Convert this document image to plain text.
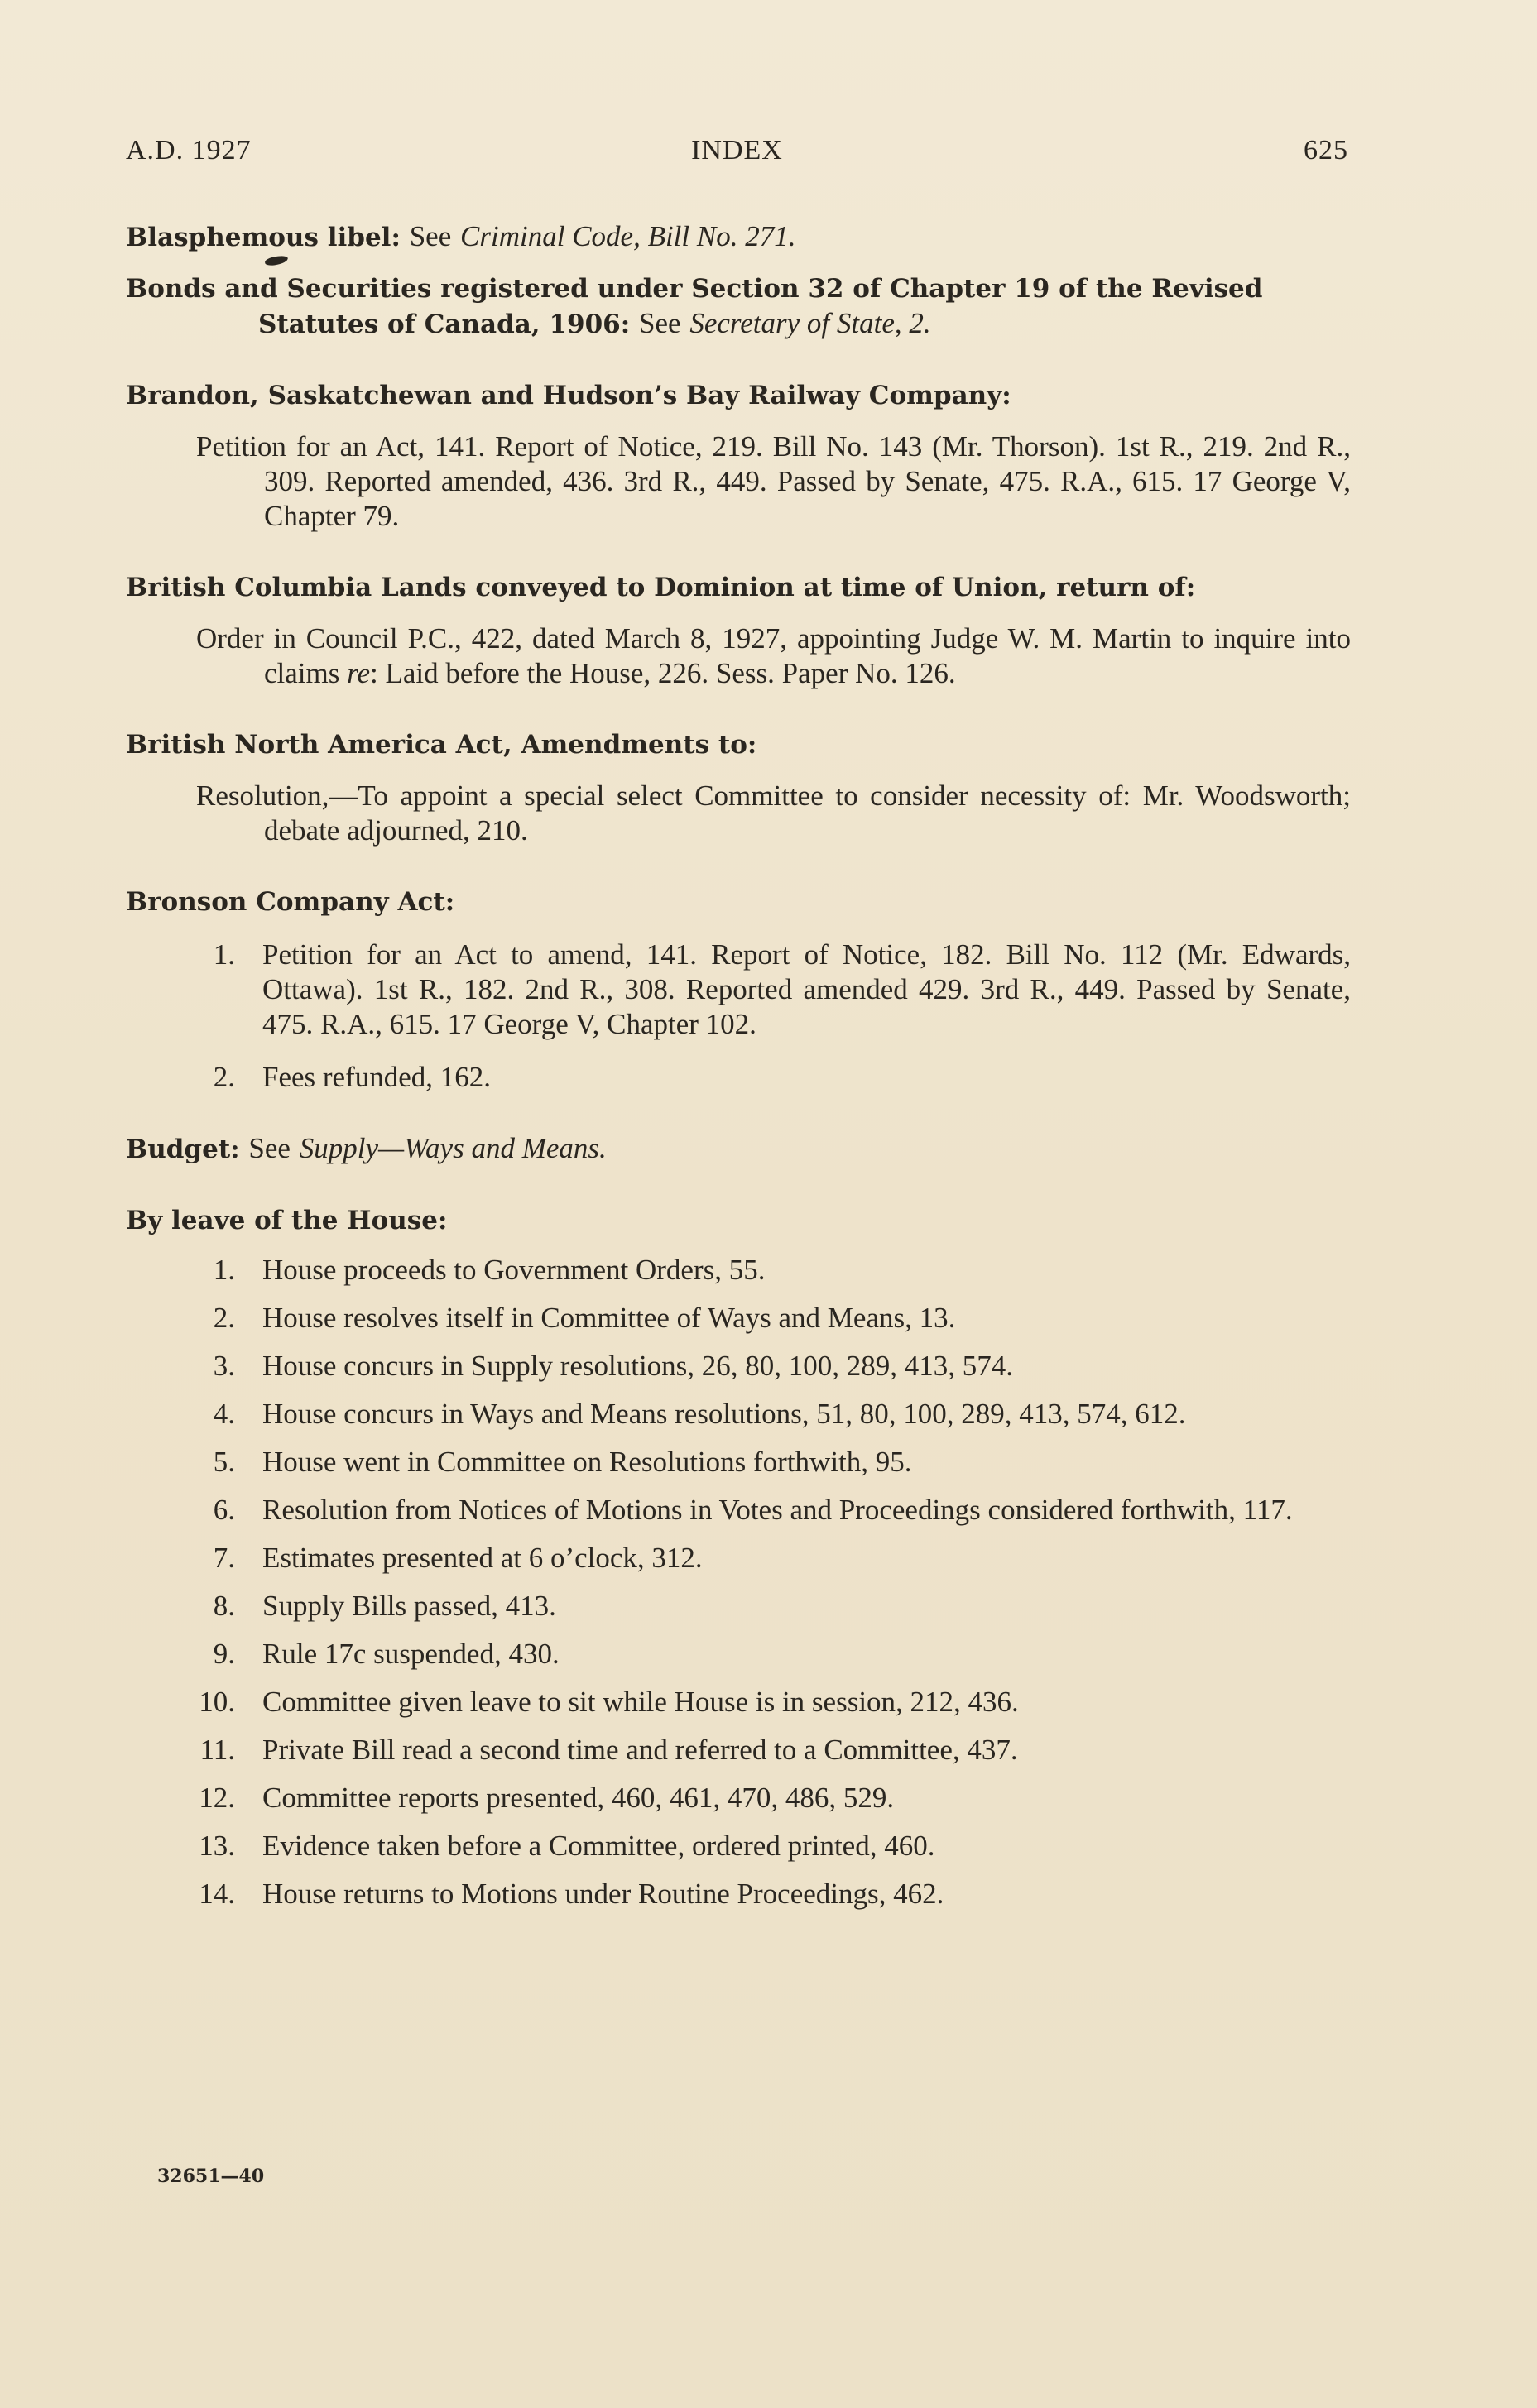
A.D. 1927	INDEX	625

Blasphemous libel: See Criminal Code, Bill No. 271.

Bonds and Securities registered under Section 32 of Chapter 19 of the Revised Statutes of Canada, 1906: See Secretary of State, 2.

Brandon, Saskatchewan and Hudson’s Bay Railway Company:

Petition for an Act, 141. Report of Notice, 219. Bill No. 143 (Mr. Thorson). 1st R., 219. 2nd R., 309. Reported amended, 436. 3rd R., 449. Passed by Senate, 475. R.A., 615. 17 George V, Chapter 79.

British Columbia Lands conveyed to Dominion at time of Union, return of:

Order in Council P.C., 422, dated March 8, 1927, appointing Judge W. M. Martin to inquire into claims re: Laid before the House, 226. Sess. Paper No. 126.

British North America Act, Amendments to:

Resolution,—To appoint a special select Committee to consider necessity of: Mr. Woodsworth; debate adjourned, 210.

Bronson Company Act:

1. Petition for an Act to amend, 141. Report of Notice, 182. Bill No. 112 (Mr. Edwards, Ottawa). 1st R., 182. 2nd R., 308. Reported amended 429. 3rd R., 449. Passed by Senate, 475. R.A., 615. 17 George V, Chapter 102.
2. Fees refunded, 162.

Budget: See Supply—Ways and Means.

By leave of the House:

1. House proceeds to Government Orders, 55.
2. House resolves itself in Committee of Ways and Means, 13.
3. House concurs in Supply resolutions, 26, 80, 100, 289, 413, 574.
4. House concurs in Ways and Means resolutions, 51, 80, 100, 289, 413, 574, 612.
5. House went in Committee on Resolutions forthwith, 95.
6. Resolution from Notices of Motions in Votes and Proceedings considered forthwith, 117.
7. Estimates presented at 6 o’clock, 312.
8. Supply Bills passed, 413.
9. Rule 17c suspended, 430.
10. Committee given leave to sit while House is in session, 212, 436.
11. Private Bill read a second time and referred to a Committee, 437.
12. Committee reports presented, 460, 461, 470, 486, 529.
13. Evidence taken before a Committee, ordered printed, 460.
14. House returns to Motions under Routine Proceedings, 462.
32651—40
